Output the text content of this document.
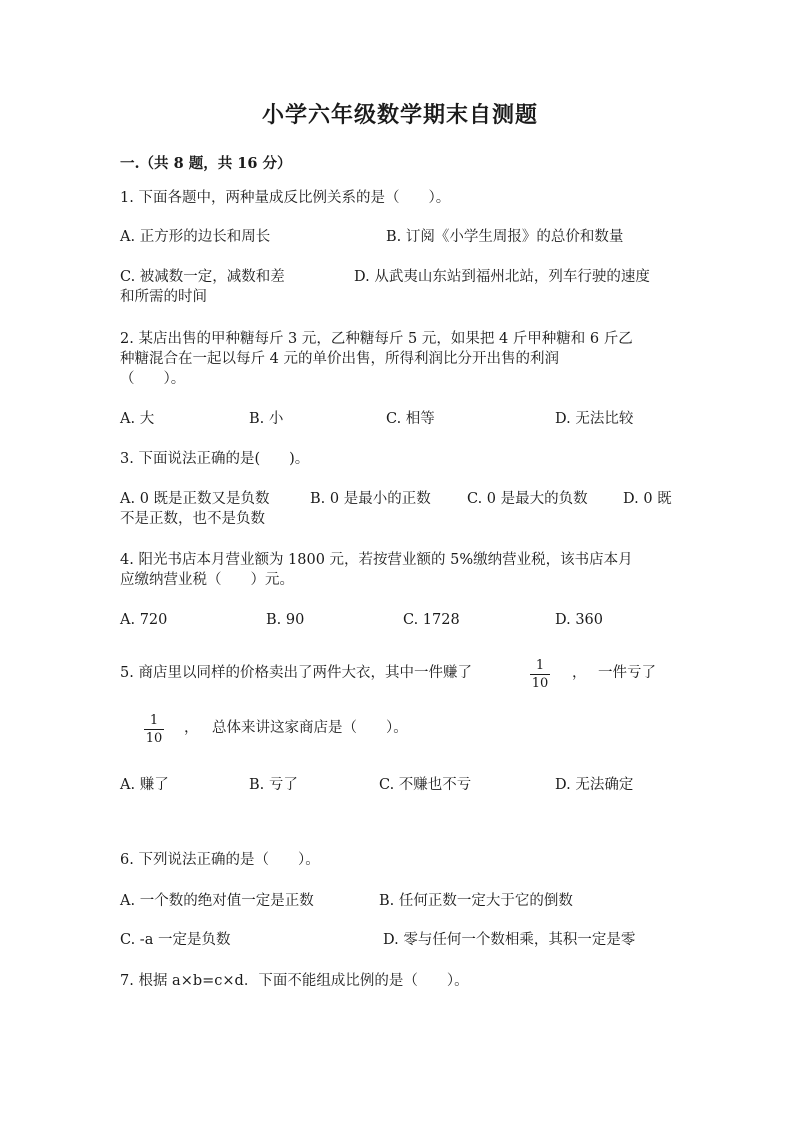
小学六年级数学期末自测题
一.（共 8 题，共 16 分）
1. 下面各题中，两种量成反比例关系的是（　　）。
A. 正方形的边长和周长	B. 订阅《小学生周报》的总价和数量
C. 被减数一定，减数和差	D. 从武夷山东站到福州北站，列车行驶的速度
和所需的时间
2. 某店出售的甲种糖每斤 3 元，乙种糖每斤 5 元，如果把 4 斤甲种糖和 6 斤乙
种糖混合在一起以每斤 4 元的单价出售，所得利润比分开出售的利润
（　　）。
A. 大	B. 小	C. 相等	D. 无法比较
3. 下面说法正确的是(　　)。
A. 0 既是正数又是负数	B. 0 是最小的正数	C. 0 是最大的负数 D. 0 既
不是正数，也不是负数
4. 阳光书店本月营业额为 1800 元，若按营业额的 5%缴纳营业税，该书店本月
应缴纳营业税（　　）元。
A. 720	B. 90	C. 1728	D. 360
5. 商店里以同样的价格卖出了两件大衣，其中一件赚了	1
10
， 一件亏了
1
10
， 总体来讲这家商店是（　　）。
A. 赚了	B. 亏了	C. 不赚也不亏	D. 无法确定
6. 下列说法正确的是（　　）。
A. 一个数的绝对值一定是正数	B. 任何正数一定大于它的倒数
C. -a 一定是负数	D. 零与任何一个数相乘，其积一定是零
7. 根据 a×b=c×d．下面不能组成比例的是（　　）。
